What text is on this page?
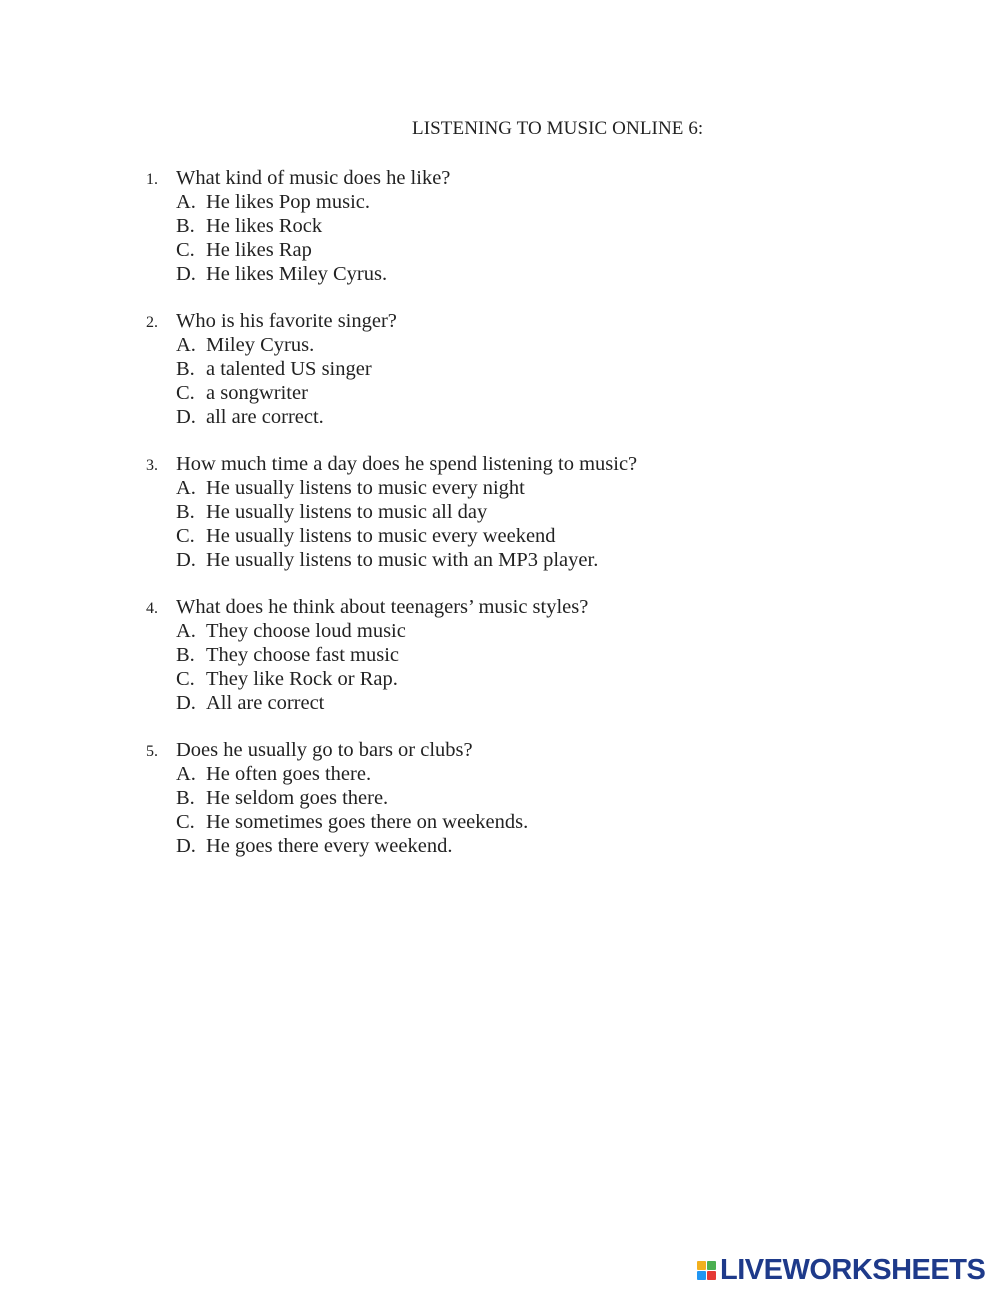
LISTENING TO MUSIC ONLINE 6:
1. What kind of music does he like?
A. He likes Pop music.
B. He likes Rock
C. He likes Rap
D. He likes Miley Cyrus.
2. Who is his favorite singer?
A. Miley Cyrus.
B. a talented US singer
C. a songwriter
D. all are correct.
3. How much time a day does he spend listening to music?
A. He usually listens to music every night
B. He usually listens to music all day
C. He usually listens to music every weekend
D. He usually listens to music with an MP3 player.
4. What does he think about teenagers’ music styles?
A. They choose loud music
B. They choose fast music
C. They like Rock or Rap.
D. All are correct
5. Does he usually go to bars or clubs?
A. He often goes there.
B. He seldom goes there.
C. He sometimes goes there on weekends.
D. He goes there every weekend.
LIVEWORKSHEETS
